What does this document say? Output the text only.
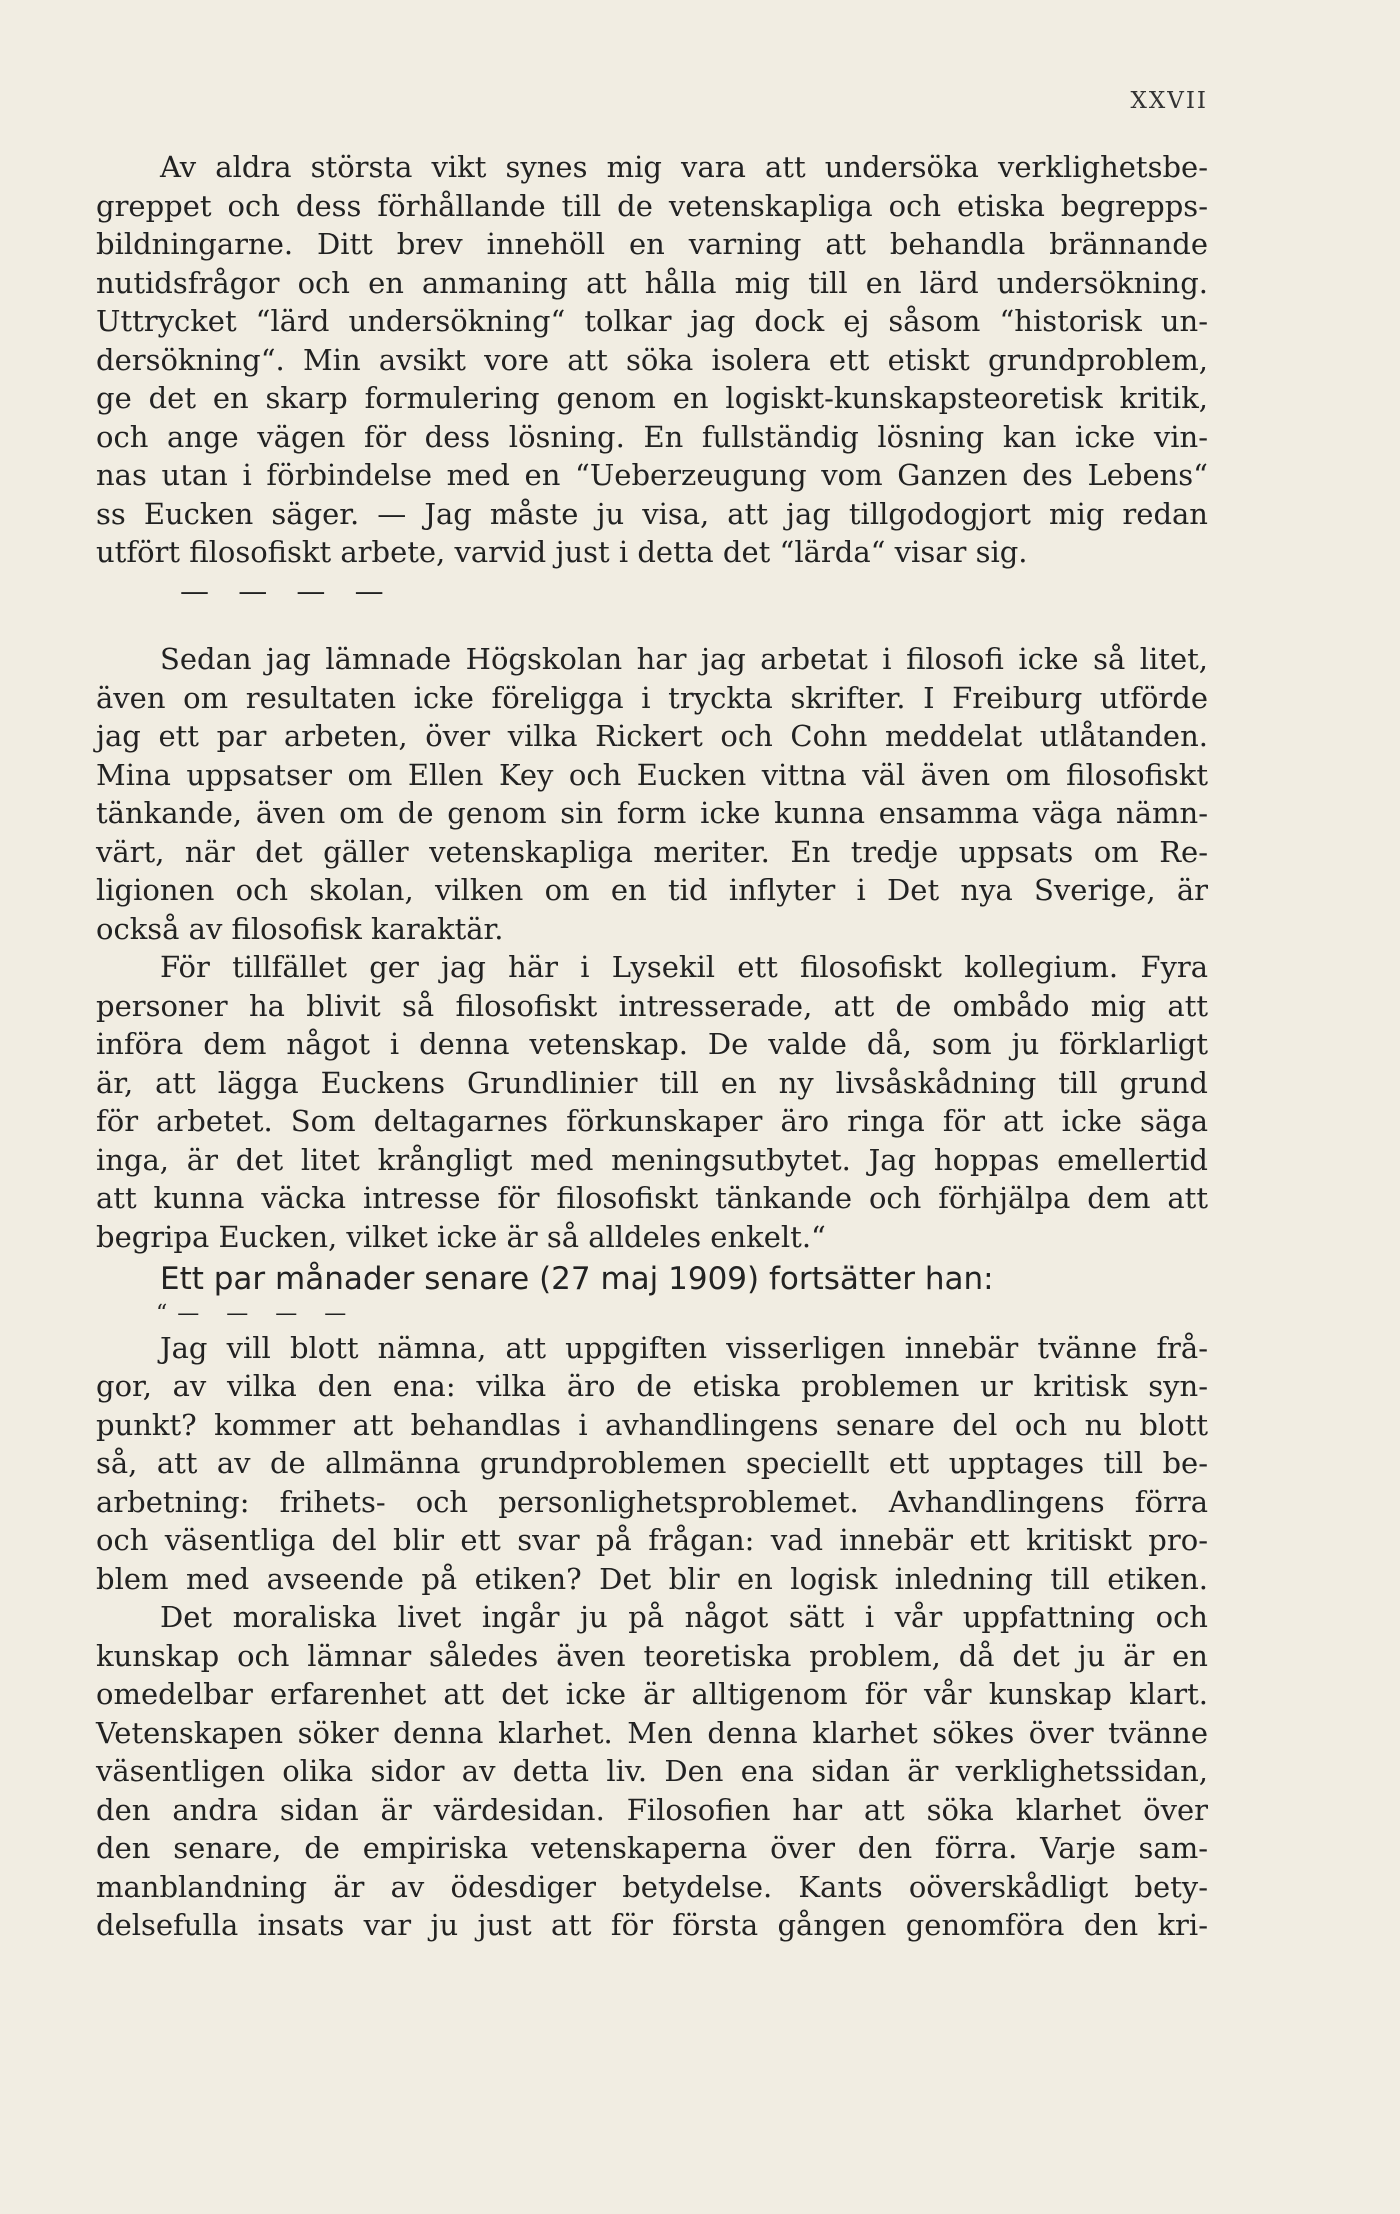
XXVII
Av aldra största vikt synes mig vara att undersöka verklighetsbe-
greppet och dess förhållande till de vetenskapliga och etiska begrepps-
bildningarne. Ditt brev innehöll en varning att behandla brännande
nutidsfrågor och en anmaning att hålla mig till en lärd undersökning.
Uttrycket “lärd undersökning“ tolkar jag dock ej såsom “historisk un-
dersökning“. Min avsikt vore att söka isolera ett etiskt grundproblem,
ge det en skarp formulering genom en logiskt-kunskapsteoretisk kritik,
och ange vägen för dess lösning. En fullständig lösning kan icke vin-
nas utan i förbindelse med en “Ueberzeugung vom Ganzen des Lebens“
ss Eucken säger. — Jag måste ju visa, att jag tillgodogjort mig redan
utfört filosofiskt arbete, varvid just i detta det “lärda“ visar sig.
— — — —
Sedan jag lämnade Högskolan har jag arbetat i filosofi icke så litet,
även om resultaten icke föreligga i tryckta skrifter. I Freiburg utförde
jag ett par arbeten, över vilka Rickert och Cohn meddelat utlåtanden.
Mina uppsatser om Ellen Key och Eucken vittna väl även om filosofiskt
tänkande, även om de genom sin form icke kunna ensamma väga nämn-
värt, när det gäller vetenskapliga meriter. En tredje uppsats om Re-
ligionen och skolan, vilken om en tid inflyter i Det nya Sverige, är
också av filosofisk karaktär.
För tillfället ger jag här i Lysekil ett filosofiskt kollegium. Fyra
personer ha blivit så filosofiskt intresserade, att de ombådo mig att
införa dem något i denna vetenskap. De valde då, som ju förklarligt
är, att lägga Euckens Grundlinier till en ny livsåskådning till grund
för arbetet. Som deltagarnes förkunskaper äro ringa för att icke säga
inga, är det litet krångligt med meningsutbytet. Jag hoppas emellertid
att kunna väcka intresse för filosofiskt tänkande och förhjälpa dem att
begripa Eucken, vilket icke är så alldeles enkelt.“
Ett par månader senare (27 maj 1909) fortsätter han:
“— — — —
Jag vill blott nämna, att uppgiften visserligen innebär tvänne frå-
gor, av vilka den ena: vilka äro de etiska problemen ur kritisk syn-
punkt? kommer att behandlas i avhandlingens senare del och nu blott
så, att av de allmänna grundproblemen speciellt ett upptages till be-
arbetning: frihets- och personlighetsproblemet. Avhandlingens förra
och väsentliga del blir ett svar på frågan: vad innebär ett kritiskt pro-
blem med avseende på etiken? Det blir en logisk inledning till etiken.
Det moraliska livet ingår ju på något sätt i vår uppfattning och
kunskap och lämnar således även teoretiska problem, då det ju är en
omedelbar erfarenhet att det icke är alltigenom för vår kunskap klart.
Vetenskapen söker denna klarhet. Men denna klarhet sökes över tvänne
väsentligen olika sidor av detta liv. Den ena sidan är verklighetssidan,
den andra sidan är värdesidan. Filosofien har att söka klarhet över
den senare, de empiriska vetenskaperna över den förra. Varje sam-
manblandning är av ödesdiger betydelse. Kants oöverskådligt bety-
delsefulla insats var ju just att för första gången genomföra den kri-
